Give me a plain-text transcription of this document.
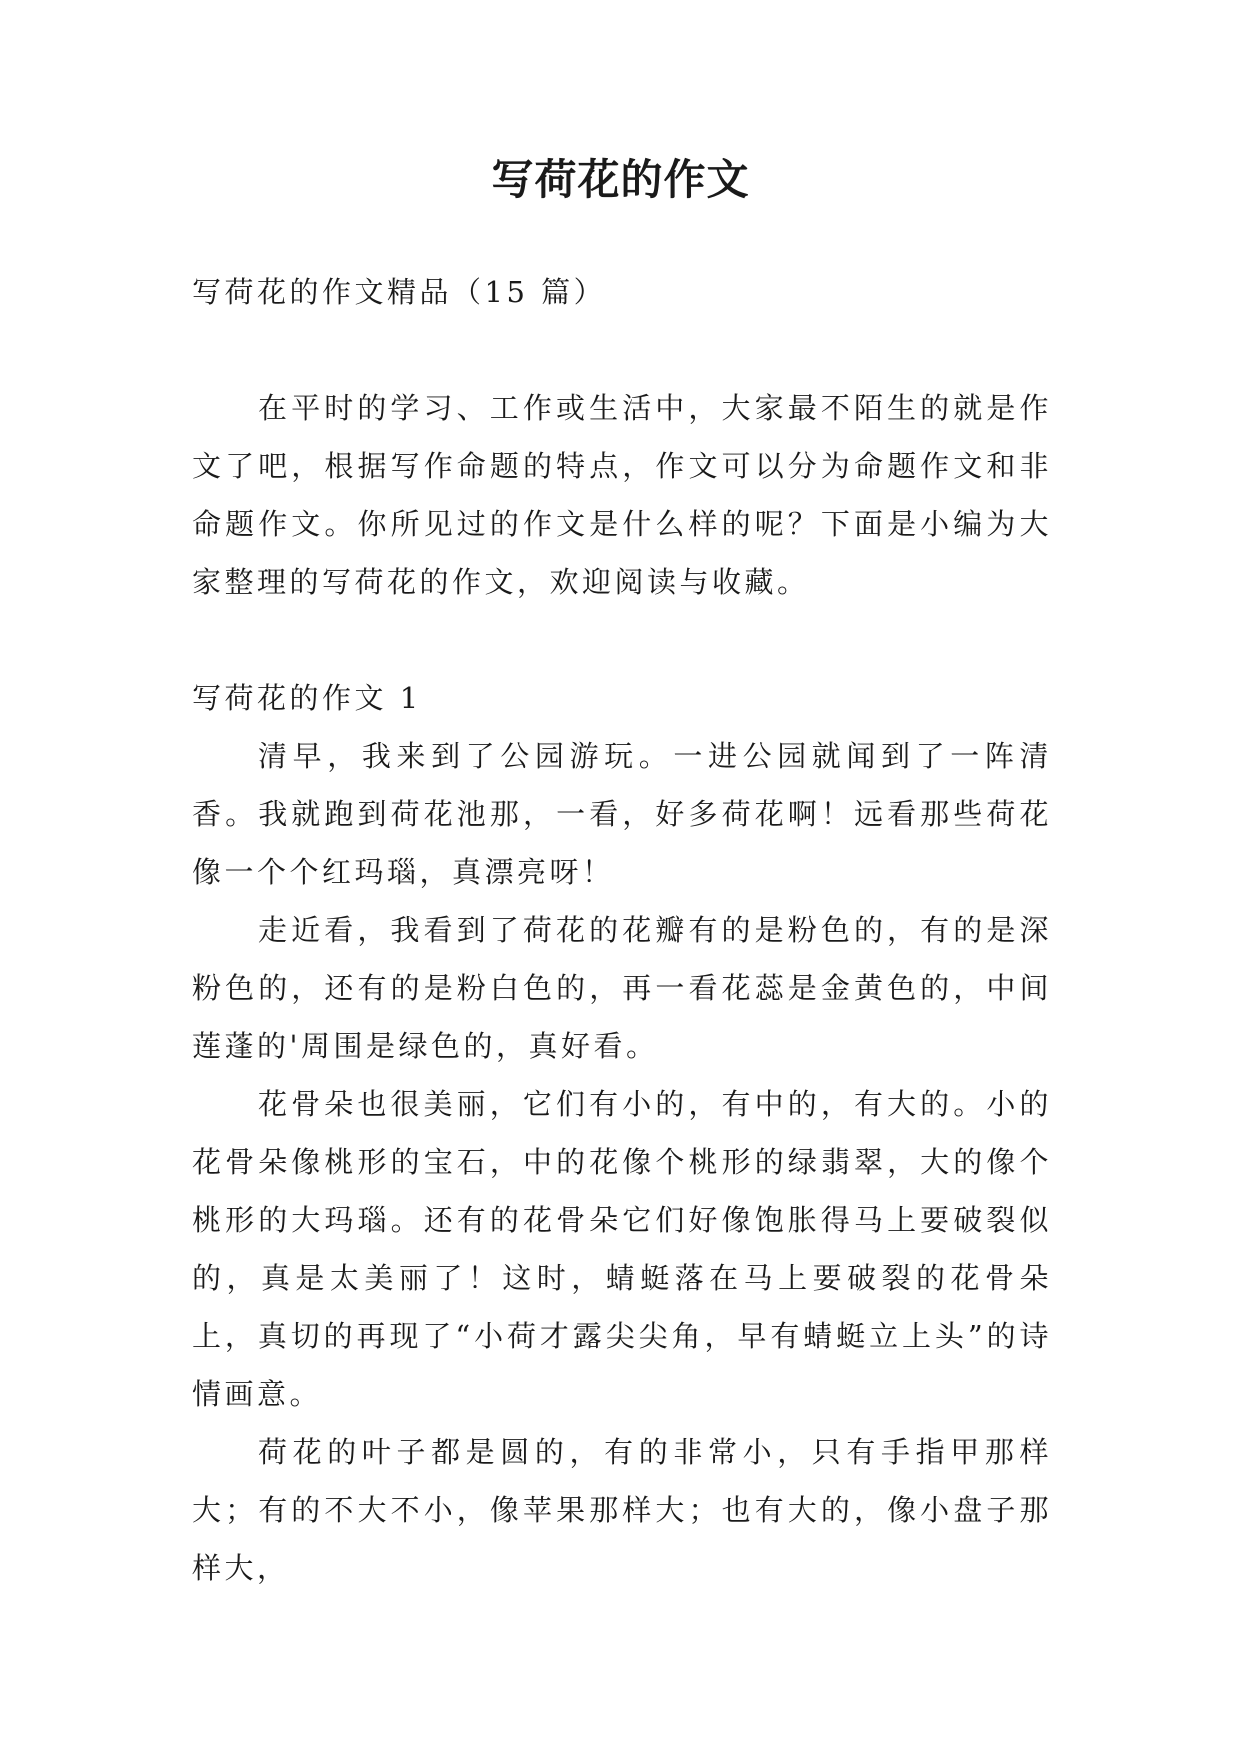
写荷花的作文

写荷花的作文精品（15 篇）

在平时的学习、工作或生活中，大家最不陌生的就是作文了吧，根据写作命题的特点，作文可以分为命题作文和非命题作文。你所见过的作文是什么样的呢？下面是小编为大家整理的写荷花的作文，欢迎阅读与收藏。

写荷花的作文 1

清早，我来到了公园游玩。一进公园就闻到了一阵清香。我就跑到荷花池那，一看，好多荷花啊！远看那些荷花像一个个红玛瑙，真漂亮呀！

走近看，我看到了荷花的花瓣有的是粉色的，有的是深粉色的，还有的是粉白色的，再一看花蕊是金黄色的，中间莲蓬的'周围是绿色的，真好看。

花骨朵也很美丽，它们有小的，有中的，有大的。小的花骨朵像桃形的宝石，中的花像个桃形的绿翡翠，大的像个桃形的大玛瑙。还有的花骨朵它们好像饱胀得马上要破裂似的，真是太美丽了！这时，蜻蜓落在马上要破裂的花骨朵上，真切的再现了“小荷才露尖尖角，早有蜻蜓立上头”的诗情画意。

荷花的叶子都是圆的，有的非常小，只有手指甲那样大；有的不大不小，像苹果那样大；也有大的，像小盘子那样大，
